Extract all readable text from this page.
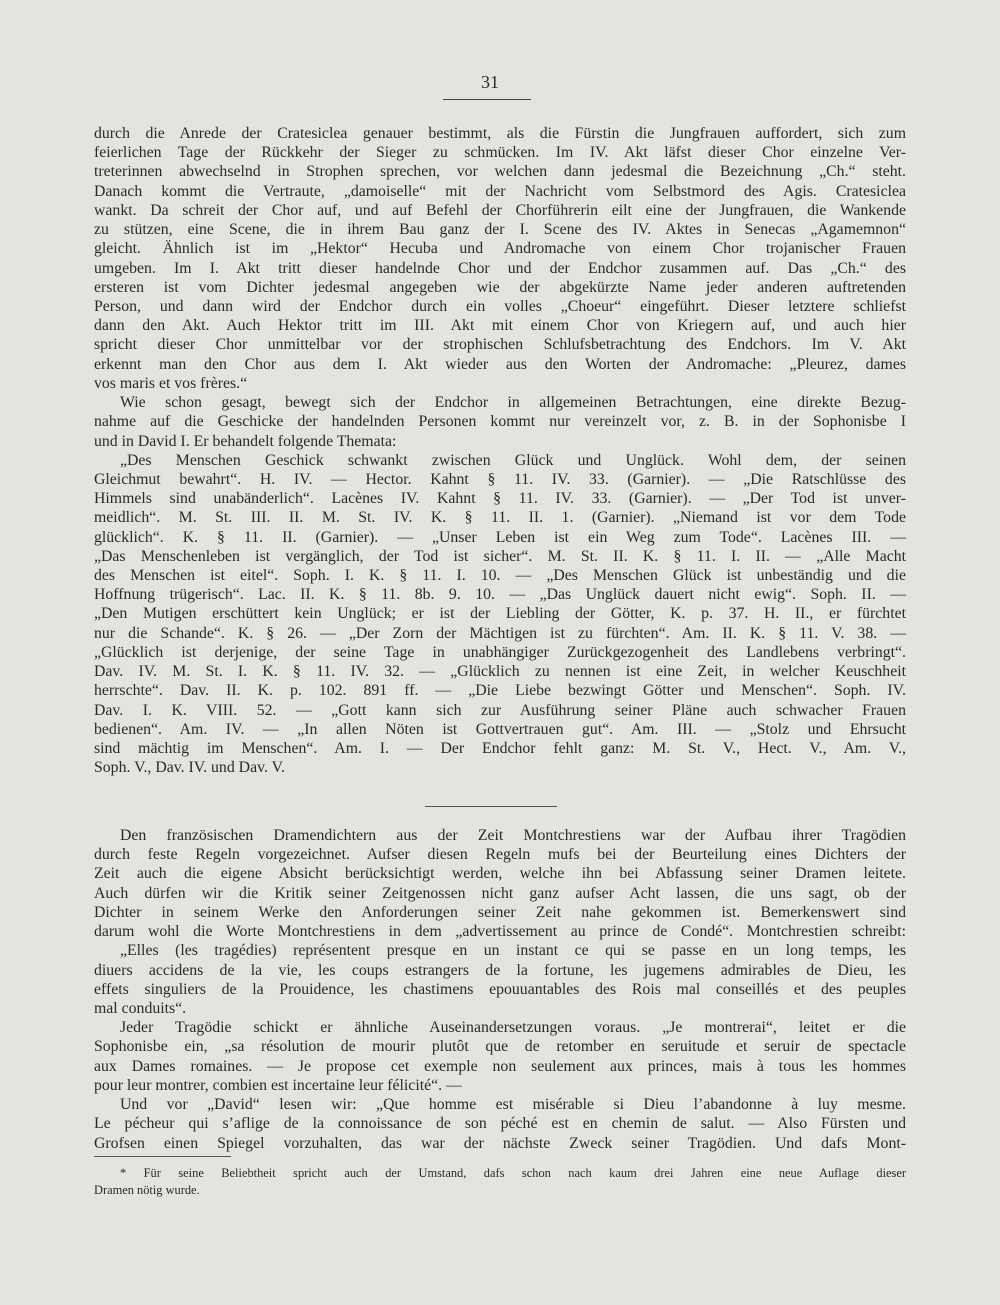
31
durch die Anrede der Cratesiclea genauer bestimmt, als die Fürstin die Jungfrauen auffordert, sich zum
feierlichen Tage der Rückkehr der Sieger zu schmücken. Im IV. Akt läfst dieser Chor einzelne Ver-
treterinnen abwechselnd in Strophen sprechen, vor welchen dann jedesmal die Bezeichnung „Ch.“ steht.
Danach kommt die Vertraute, „damoiselle“ mit der Nachricht vom Selbstmord des Agis. Cratesiclea
wankt. Da schreit der Chor auf, und auf Befehl der Chorführerin eilt eine der Jungfrauen, die Wankende
zu stützen, eine Scene, die in ihrem Bau ganz der I. Scene des IV. Aktes in Senecas „Agamemnon“
gleicht. Ähnlich ist im „Hektor“ Hecuba und Andromache von einem Chor trojanischer Frauen
umgeben. Im I. Akt tritt dieser handelnde Chor und der Endchor zusammen auf. Das „Ch.“ des
ersteren ist vom Dichter jedesmal angegeben wie der abgekürzte Name jeder anderen auftretenden
Person, und dann wird der Endchor durch ein volles „Choeur“ eingeführt. Dieser letztere schliefst
dann den Akt. Auch Hektor tritt im III. Akt mit einem Chor von Kriegern auf, und auch hier
spricht dieser Chor unmittelbar vor der strophischen Schlufsbetrachtung des Endchors. Im V. Akt
erkennt man den Chor aus dem I. Akt wieder aus den Worten der Andromache: „Pleurez, dames
vos maris et vos frères.“
Wie schon gesagt, bewegt sich der Endchor in allgemeinen Betrachtungen, eine direkte Bezug-
nahme auf die Geschicke der handelnden Personen kommt nur vereinzelt vor, z. B. in der Sophonisbe I
und in David I. Er behandelt folgende Themata:
„Des Menschen Geschick schwankt zwischen Glück und Unglück. Wohl dem, der seinen
Gleichmut bewahrt“. H. IV. — Hector. Kahnt § 11. IV. 33. (Garnier). — „Die Ratschlüsse des
Himmels sind unabänderlich“. Lacènes IV. Kahnt § 11. IV. 33. (Garnier). — „Der Tod ist unver-
meidlich“. M. St. III. II. M. St. IV. K. § 11. II. 1. (Garnier). „Niemand ist vor dem Tode
glücklich“. K. § 11. II. (Garnier). — „Unser Leben ist ein Weg zum Tode“. Lacènes III. —
„Das Menschenleben ist vergänglich, der Tod ist sicher“. M. St. II. K. § 11. I. II. — „Alle Macht
des Menschen ist eitel“. Soph. I. K. § 11. I. 10. — „Des Menschen Glück ist unbeständig und die
Hoffnung trügerisch“. Lac. II. K. § 11. 8b. 9. 10. — „Das Unglück dauert nicht ewig“. Soph. II. —
„Den Mutigen erschüttert kein Unglück; er ist der Liebling der Götter, K. p. 37. H. II., er fürchtet
nur die Schande“. K. § 26. — „Der Zorn der Mächtigen ist zu fürchten“. Am. II. K. § 11. V. 38. —
„Glücklich ist derjenige, der seine Tage in unabhängiger Zurückgezogenheit des Landlebens verbringt“.
Dav. IV. M. St. I. K. § 11. IV. 32. — „Glücklich zu nennen ist eine Zeit, in welcher Keuschheit
herrschte“. Dav. II. K. p. 102. 891 ff. — „Die Liebe bezwingt Götter und Menschen“. Soph. IV.
Dav. I. K. VIII. 52. — „Gott kann sich zur Ausführung seiner Pläne auch schwacher Frauen
bedienen“. Am. IV. — „In allen Nöten ist Gottvertrauen gut“. Am. III. — „Stolz und Ehrsucht
sind mächtig im Menschen“. Am. I. — Der Endchor fehlt ganz: M. St. V., Hect. V., Am. V.,
Soph. V., Dav. IV. und Dav. V.
Den französischen Dramendichtern aus der Zeit Montchrestiens war der Aufbau ihrer Tragödien
durch feste Regeln vorgezeichnet. Aufser diesen Regeln mufs bei der Beurteilung eines Dichters der
Zeit auch die eigene Absicht berücksichtigt werden, welche ihn bei Abfassung seiner Dramen leitete.
Auch dürfen wir die Kritik seiner Zeitgenossen nicht ganz aufser Acht lassen, die uns sagt, ob der
Dichter in seinem Werke den Anforderungen seiner Zeit nahe gekommen ist. Bemerkenswert sind
darum wohl die Worte Montchrestiens in dem „advertissement au prince de Condé“. Montchrestien schreibt:
„Elles (les tragédies) représentent presque en un instant ce qui se passe en un long temps, les
diuers accidens de la vie, les coups estrangers de la fortune, les jugemens admirables de Dieu, les
effets singuliers de la Prouidence, les chastimens epouuantables des Rois mal conseillés et des peuples
mal conduits“.
Jeder Tragödie schickt er ähnliche Auseinandersetzungen voraus. „Je montrerai“, leitet er die
Sophonisbe ein, „sa résolution de mourir plutôt que de retomber en seruitude et seruir de spectacle
aux Dames romaines. — Je propose cet exemple non seulement aux princes, mais à tous les hommes
pour leur montrer, combien est incertaine leur félicité“. —
Und vor „David“ lesen wir: „Que homme est misérable si Dieu l’abandonne à luy mesme.
Le pécheur qui s’aflige de la connoissance de son péché est en chemin de salut. — Also Fürsten und
Grofsen einen Spiegel vorzuhalten, das war der nächste Zweck seiner Tragödien. Und dafs Mont-
* Für seine Beliebtheit spricht auch der Umstand, dafs schon nach kaum drei Jahren eine neue Auflage dieser
Dramen nötig wurde.
